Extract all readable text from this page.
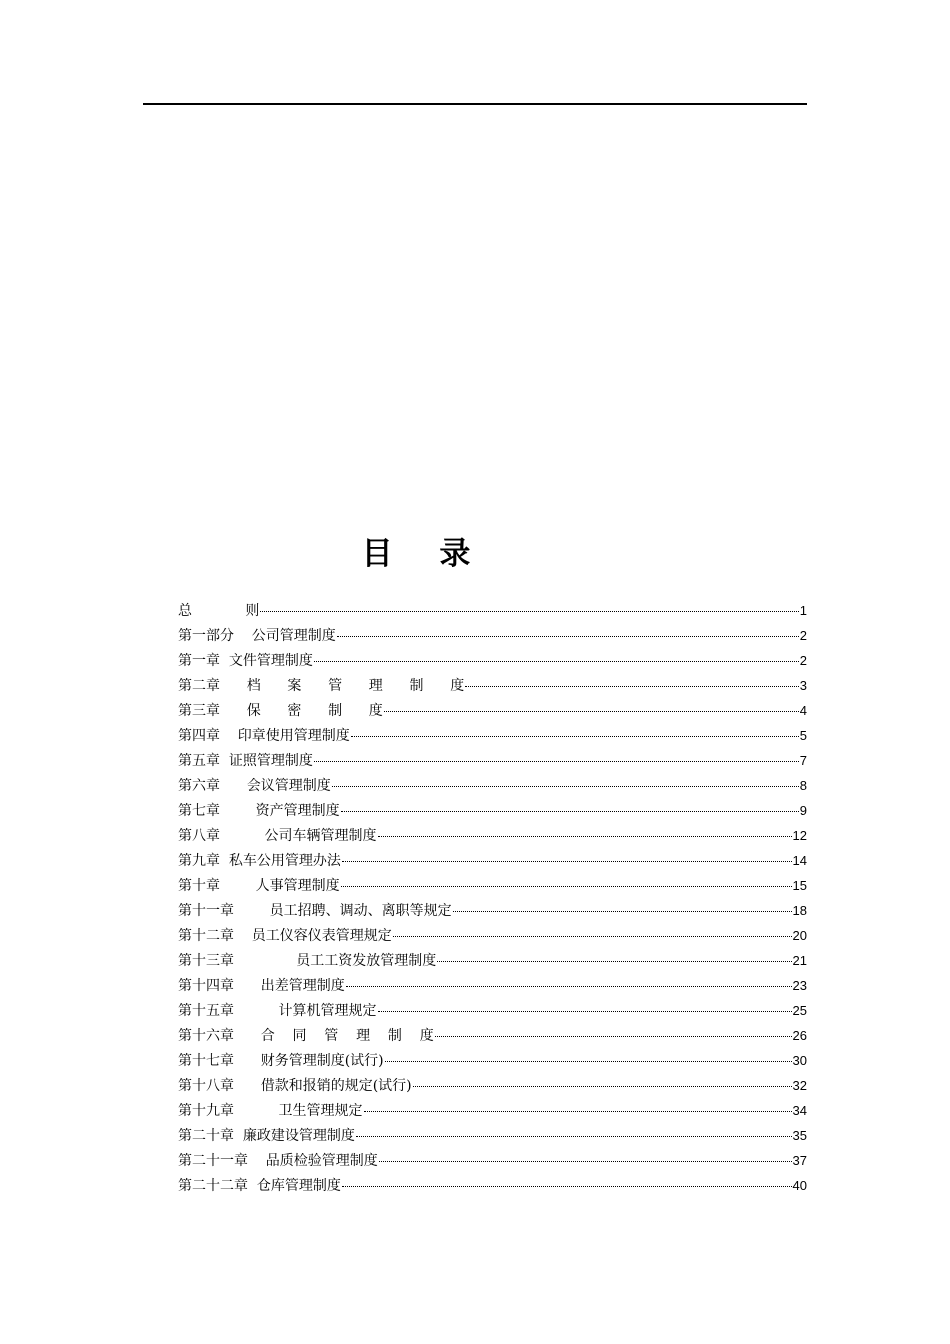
目 录
总            则	1
第一部分    公司管理制度	2
第一章  文件管理制度	2
第二章      档      案      管      理      制      度	3
第三章      保      密      制      度	4
第四章    印章使用管理制度	5
第五章  证照管理制度	7
第六章      会议管理制度	8
第七章        资产管理制度	9
第八章          公司车辆管理制度	12
第九章  私车公用管理办法	14
第十章        人事管理制度	15
第十一章        员工招聘、调动、离职等规定	18
第十二章    员工仪容仪表管理规定	20
第十三章              员工工资发放管理制度	21
第十四章      出差管理制度	23
第十五章          计算机管理规定	25
第十六章      合    同    管    理    制    度	26
第十七章      财务管理制度(试行)	30
第十八章      借款和报销的规定(试行)	32
第十九章          卫生管理规定	34
第二十章  廉政建设管理制度	35
第二十一章    品质检验管理制度	37
第二十二章  仓库管理制度	40
